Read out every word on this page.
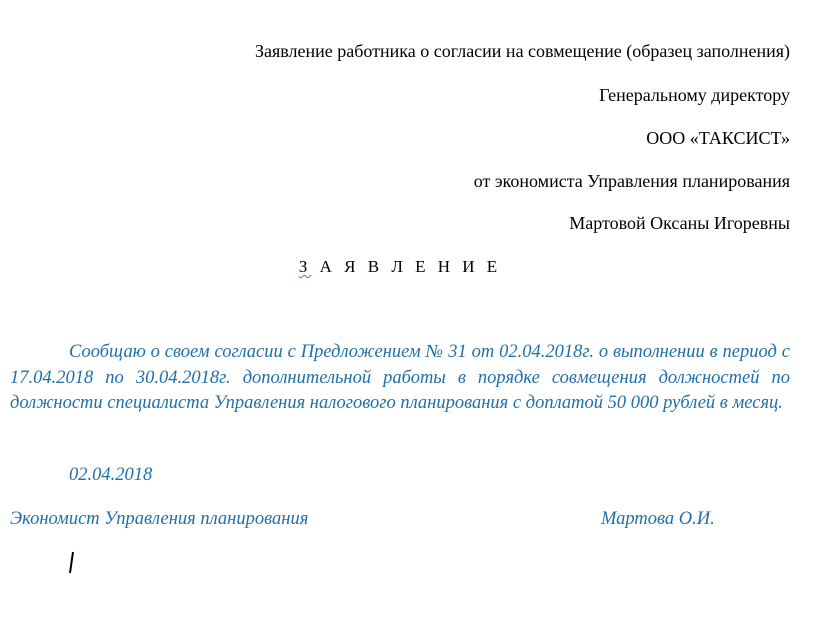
Заявление работника о согласии на совмещение (образец заполнения)
Генеральному директору
ООО «ТАКСИСТ»
от экономиста Управления планирования
Мартовой Оксаны Игоревны
З А Я В Л Е Н И Е
Сообщаю о своем согласии с Предложением № 31 от 02.04.2018г. о выполнении в период с 17.04.2018 по 30.04.2018г. дополнительной работы в порядке совмещения должностей по должности специалиста Управления налогового планирования с доплатой 50 000 рублей в месяц.
02.04.2018
Экономист Управления планирования	Мартова О.И.
